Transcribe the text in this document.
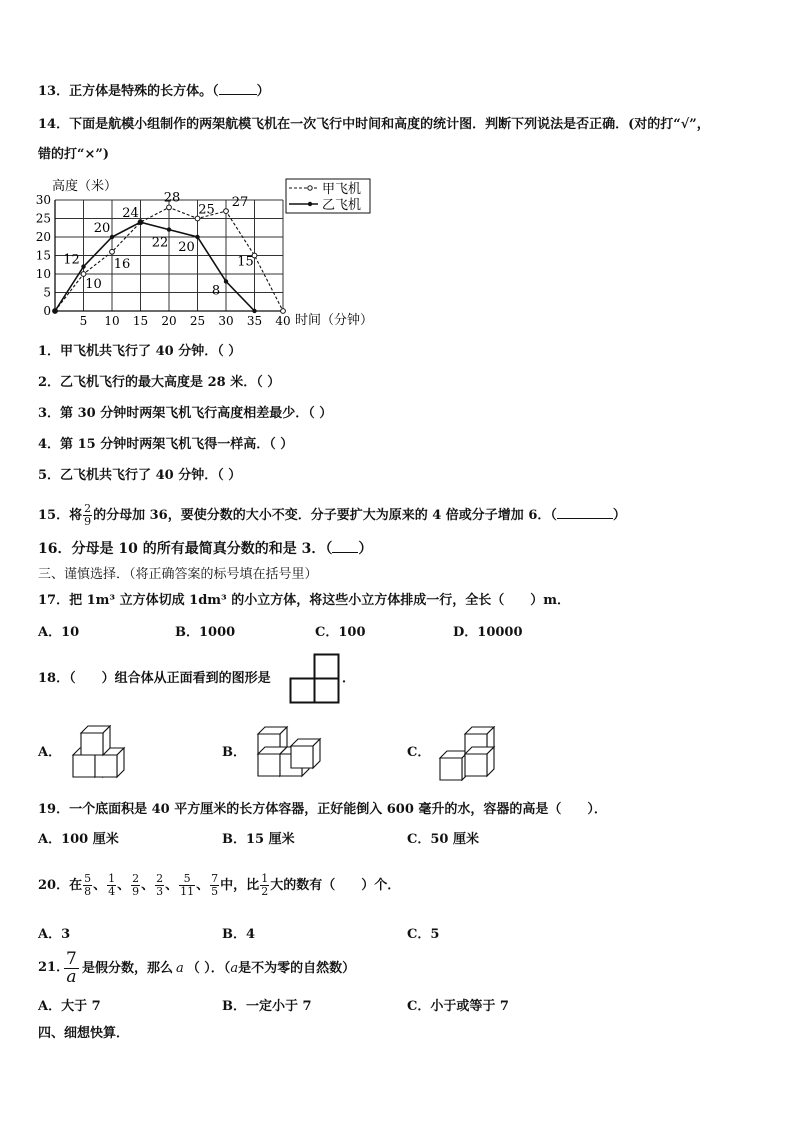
13．正方体是特殊的长方体。（	）
14．下面是航模小组制作的两架航模飞机在一次飞行中时间和高度的统计图．判断下列说法是否正确．(对的打“√”，
错的打“×”)
0
5
10
15
20
25
30
5 10 15 20 25 30 35 40
10
16
28
25 27
15
12
20
24
22 20
8
甲飞机
乙飞机
高度（米）
时间（分钟）
1．甲飞机共飞行了 40 分钟．（ ）
2．乙飞机飞行的最大高度是 28 米．（ ）
3．第 30 分钟时两架飞机飞行高度相差最少．（ ）
4．第 15 分钟时两架飞机飞得一样高．（ ）
5．乙飞机共飞行了 40 分钟．（ ）
15．将 $\frac{2}{9}$ 的分母加 36，要使分数的大小不变．分子要扩大为原来的 4 倍或分子增加 6．（	）
16．分母是 10 的所有最简真分数的和是 3．（ ）
三、谨慎选择．（将正确答案的标号填在括号里）
17．把 1m³ 立方体切成 1dm³ 的小立方体，将这些小立方体排成一行，全长（　　）m．
A．10	B．1000	C．100	D．10000
18．（　　）组合体从正面看到的图形是	．
A．	B．	C．
19．一个底面积是 40 平方厘米的长方体容器，正好能倒入 600 毫升的水，容器的高是（　　）．
A．100 厘米	B．15 厘米	C．50 厘米
20．在 $\frac{5}{8}$ 、 $\frac{1}{4}$ 、 $\frac{2}{9}$ 、 $\frac{2}{3}$ 、 $\frac{5}{11}$ 、 $\frac{7}{5}$ 中，比 $\frac{1}{2}$ 大的数有（　　）个．
A．3	B．4	C．5
21．
$\frac{7}{a}$ 是假分数，那么 a （ ）．（a是不为零的自然数）
A．大于 7	B．一定小于 7	C．小于或等于 7
四、细想快算．
